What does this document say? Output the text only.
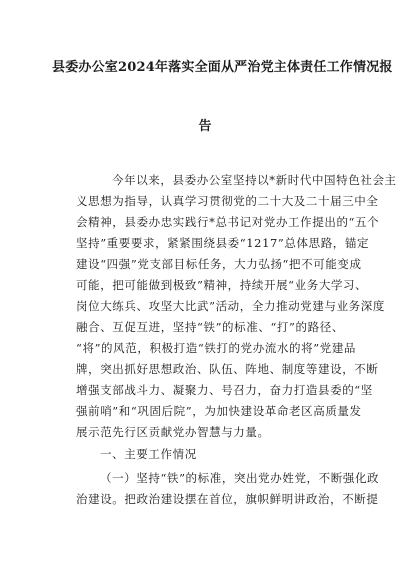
县委办公室2024年落实全面从严治党主体责任工作情况报
告
今年以来，县委办公室坚持以*新时代中国特色社会主
义思想为指导，认真学习贯彻党的二十大及二十届三中全
会精神，县委办忠实践行*总书记对党办工作提出的“五个
坚持”重要要求，紧紧围绕县委“1217”总体思路，锚定
建设“四强”党支部目标任务，大力弘扬“把不可能变成
可能，把可能做到极致”精神，持续开展“业务大学习、
岗位大练兵、攻坚大比武”活动，全力推动党建与业务深度
融合、互促互进，坚持“铁”的标准、“打”的路径、
“将”的风范，积极打造“铁打的党办流水的将”党建品
牌，突出抓好思想政治、队伍、阵地、制度等建设，不断
增强支部战斗力、凝聚力、号召力，奋力打造县委的“坚
强前哨”和“巩固后院”，为加快建设革命老区高质量发
展示范先行区贡献党办智慧与力量。
一、主要工作情况
（一）坚持“铁”的标准，突出党办姓党，不断强化政
治建设。把政治建设摆在首位，旗帜鲜明讲政治，不断提
